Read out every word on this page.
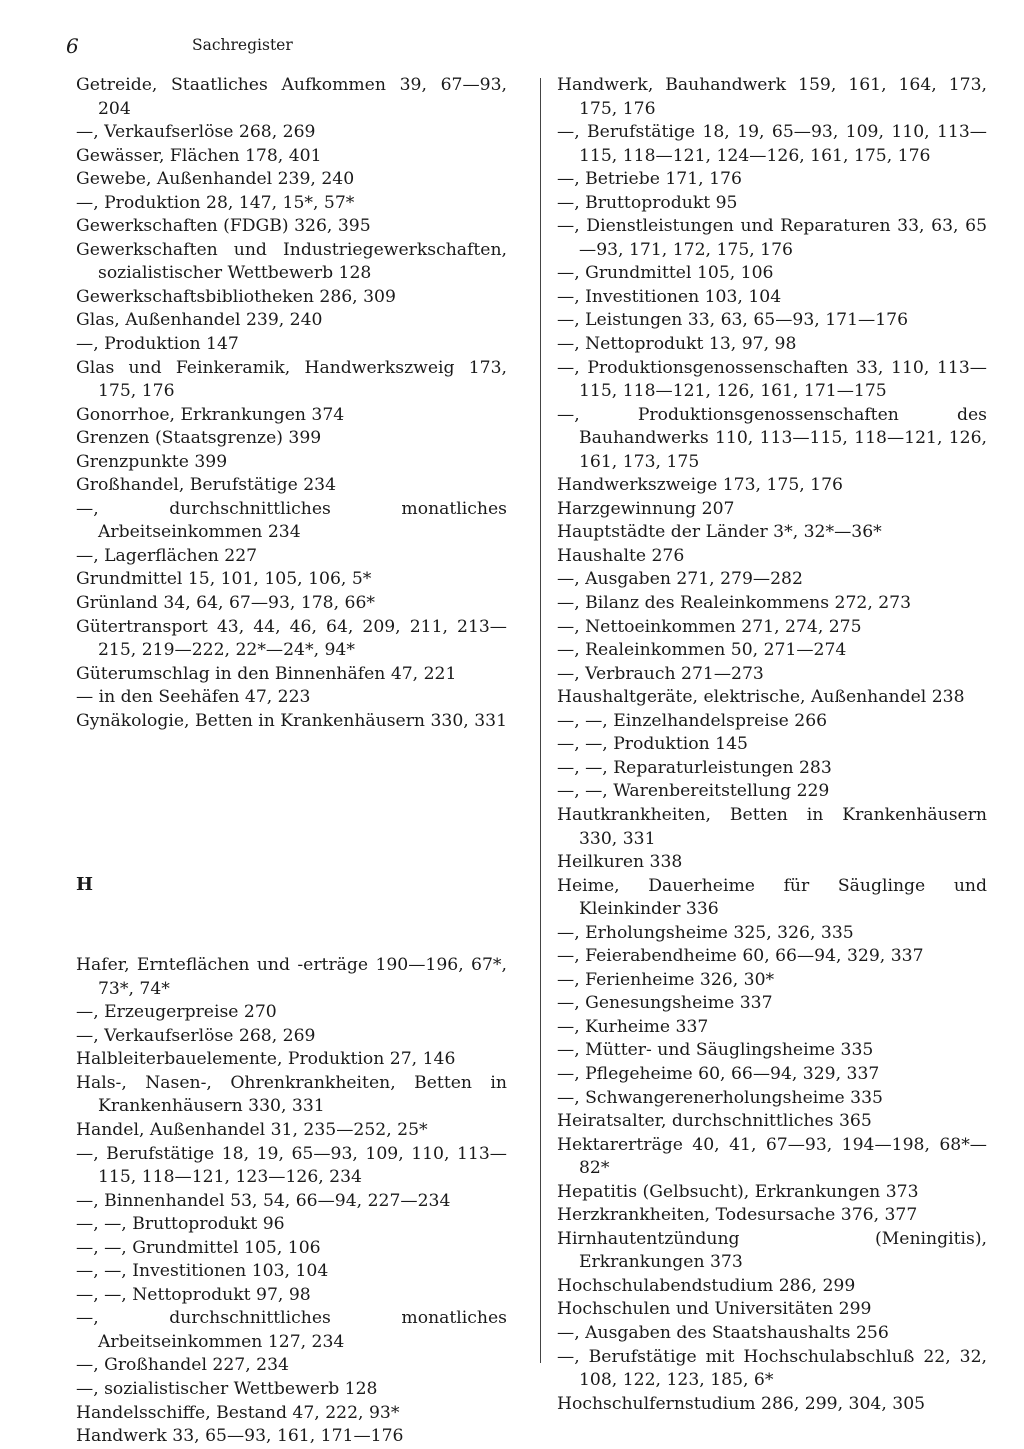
6	Sachregister

Getreide, Staatliches Aufkommen 39, 67—93, 204

—, Verkaufserlöse 268, 269

Gewässer, Flächen 178, 401

Gewebe, Außenhandel 239, 240

—, Produktion 28, 147, 15*, 57*

Gewerkschaften (FDGB) 326, 395

Gewerkschaften und Industriegewerkschaften, sozialistischer Wettbewerb 128

Gewerkschaftsbibliotheken 286, 309

Glas, Außenhandel 239, 240

—, Produktion 147

Glas und Feinkeramik, Handwerkszweig 173, 175, 176

Gonorrhoe, Erkrankungen 374

Grenzen (Staatsgrenze) 399

Grenzpunkte 399

Großhandel, Berufstätige 234

—, durchschnittliches monatliches Arbeitseinkommen 234

—, Lagerflächen 227

Grundmittel 15, 101, 105, 106, 5*

Grünland 34, 64, 67—93, 178, 66*

Gütertransport 43, 44, 46, 64, 209, 211, 213—215, 219—222, 22*—24*, 94*

Güterumschlag in den Binnenhäfen 47, 221

— in den Seehäfen 47, 223

Gynäkologie, Betten in Krankenhäusern 330, 331

H

Hafer, Ernteflächen und -erträge 190—196, 67*, 73*, 74*

—, Erzeugerpreise 270

—, Verkaufserlöse 268, 269

Halbleiterbauelemente, Produktion 27, 146

Hals-, Nasen-, Ohrenkrankheiten, Betten in Krankenhäusern 330, 331

Handel, Außenhandel 31, 235—252, 25*

—, Berufstätige 18, 19, 65—93, 109, 110, 113—115, 118—121, 123—126, 234

—, Binnenhandel 53, 54, 66—94, 227—234

—, —, Bruttoprodukt 96

—, —, Grundmittel 105, 106

—, —, Investitionen 103, 104

—, —, Nettoprodukt 97, 98

—, durchschnittliches monatliches Arbeitseinkommen 127, 234

—, Großhandel 227, 234

—, sozialistischer Wettbewerb 128

Handelsschiffe, Bestand 47, 222, 93*

Handwerk 33, 65—93, 161, 171—176

Handwerk, Bauhandwerk 159, 161, 164, 173, 175, 176

—, Berufstätige 18, 19, 65—93, 109, 110, 113—115, 118—121, 124—126, 161, 175, 176

—, Betriebe 171, 176

—, Bruttoprodukt 95

—, Dienstleistungen und Reparaturen 33, 63, 65—93, 171, 172, 175, 176

—, Grundmittel 105, 106

—, Investitionen 103, 104

—, Leistungen 33, 63, 65—93, 171—176

—, Nettoprodukt 13, 97, 98

—, Produktionsgenossenschaften 33, 110, 113—115, 118—121, 126, 161, 171—175

—, Produktionsgenossenschaften des Bauhandwerks 110, 113—115, 118—121, 126, 161, 173, 175

Handwerkszweige 173, 175, 176

Harzgewinnung 207

Hauptstädte der Länder 3*, 32*—36*

Haushalte 276

—, Ausgaben 271, 279—282

—, Bilanz des Realeinkommens 272, 273

—, Nettoeinkommen 271, 274, 275

—, Realeinkommen 50, 271—274

—, Verbrauch 271—273

Haushaltgeräte, elektrische, Außenhandel 238

—, —, Einzelhandelspreise 266

—, —, Produktion 145

—, —, Reparaturleistungen 283

—, —, Warenbereitstellung 229

Hautkrankheiten, Betten in Krankenhäusern 330, 331

Heilkuren 338

Heime, Dauerheime für Säuglinge und Kleinkinder 336

—, Erholungsheime 325, 326, 335

—, Feierabendheime 60, 66—94, 329, 337

—, Ferienheime 326, 30*

—, Genesungsheime 337

—, Kurheime 337

—, Mütter- und Säuglingsheime 335

—, Pflegeheime 60, 66—94, 329, 337

—, Schwangerenerholungsheime 335

Heiratsalter, durchschnittliches 365

Hektarerträge 40, 41, 67—93, 194—198, 68*—82*

Hepatitis (Gelbsucht), Erkrankungen 373

Herzkrankheiten, Todesursache 376, 377

Hirnhautentzündung (Meningitis), Erkrankungen 373

Hochschulabendstudium 286, 299

Hochschulen und Universitäten 299

—, Ausgaben des Staatshaushalts 256

—, Berufstätige mit Hochschulabschluß 22, 32, 108, 122, 123, 185, 6*

Hochschulfernstudium 286, 299, 304, 305
